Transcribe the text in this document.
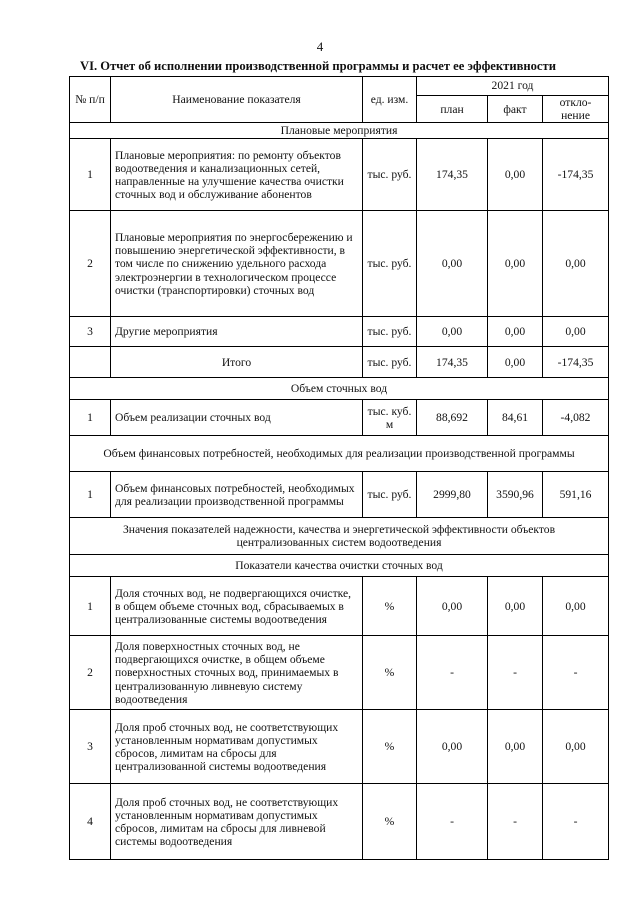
4
VI. Отчет об исполнении производственной программы и расчет ее эффективности
№ п/п	Наименование показателя	ед. изм.	2021 год		
			план	факт	откло-нение
Плановые мероприятия					
1	Плановые мероприятия: по ремонту объектов водоотведения и канализационных сетей, направленные на улучшение качества очистки сточных вод и обслуживание абонентов	тыс. руб.	174,35	0,00	-174,35
2	Плановые мероприятия по энергосбережению и повышению энергетической эффективности, в том числе по снижению удельного расхода электроэнергии в технологическом процессе очистки (транспортировки) сточных вод	тыс. руб.	0,00	0,00	0,00
3	Другие мероприятия	тыс. руб.	0,00	0,00	0,00
	Итого	тыс. руб.	174,35	0,00	-174,35
Объем сточных вод					
1	Объем реализации сточных вод	тыс. куб. м	88,692	84,61	-4,082
Объем финансовых потребностей, необходимых для реализации производственной программы					
1	Объем финансовых потребностей, необходимых для реализации производственной программы	тыс. руб.	2999,80	3590,96	591,16
Значения показателей надежности, качества и энергетической эффективности объектов централизованных систем водоотведения					
Показатели качества очистки сточных вод					
1	Доля сточных вод, не подвергающихся очистке, в общем объеме сточных вод, сбрасываемых в централизованные системы водоотведения	%	0,00	0,00	0,00
2	Доля поверхностных сточных вод, не подвергающихся очистке, в общем объеме поверхностных сточных вод, принимаемых в централизованную ливневую систему водоотведения	%	-	-	-
3	Доля проб сточных вод, не соответствующих установленным нормативам допустимых сбросов, лимитам на сбросы для централизованной системы водоотведения	%	0,00	0,00	0,00
4	Доля проб сточных вод, не соответствующих установленным нормативам допустимых сбросов, лимитам на сбросы для ливневой системы водоотведения	%	-	-	-
